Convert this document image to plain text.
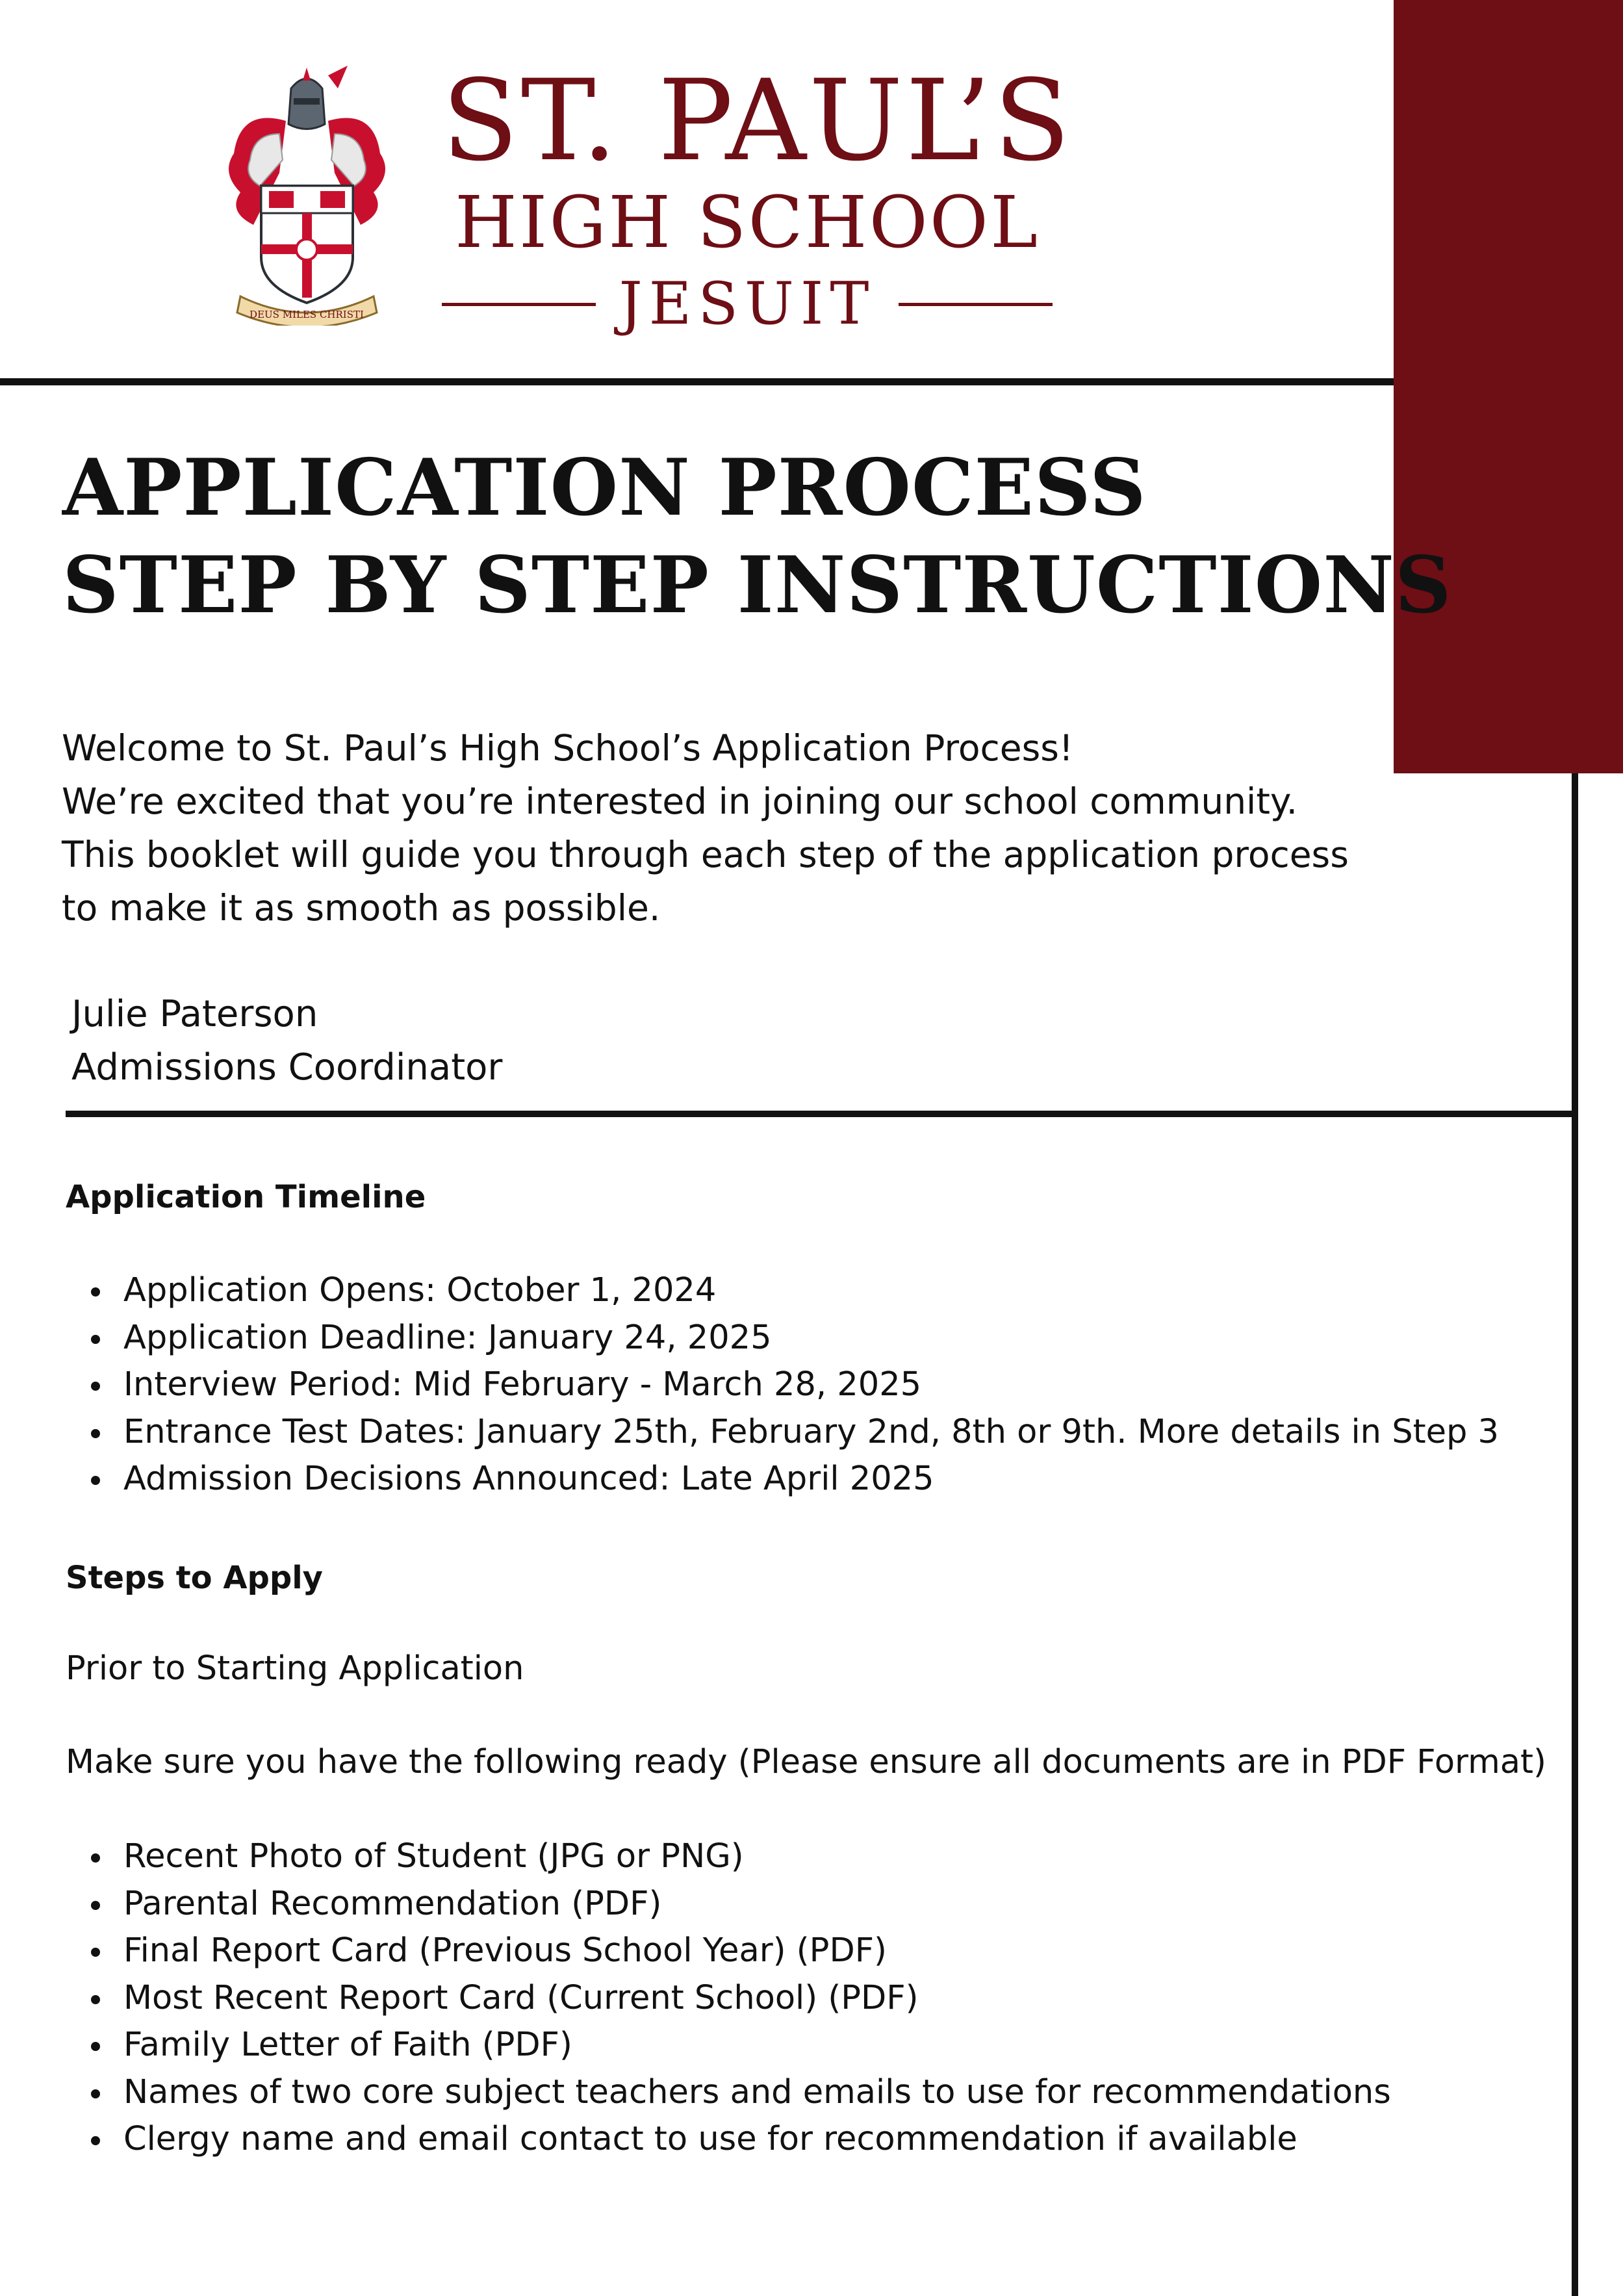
DEUS MILES CHRISTI
ST. PAUL’S
HIGH SCHOOL
JESUIT
APPLICATION PROCESS
STEP BY STEP INSTRUCTIONS
Welcome to St. Paul’s High School’s Application Process!
We’re excited that you’re interested in joining our school community.
This booklet will guide you through each step of the application process
to make it as smooth as possible.
Julie Paterson
Admissions Coordinator
Application Timeline
Application Opens: October 1, 2024
Application Deadline: January 24, 2025
Interview Period: Mid February - March 28, 2025
Entrance Test Dates: January 25th, February 2nd, 8th or 9th. More details in Step 3
Admission Decisions Announced: Late April 2025
Steps to Apply
Prior to Starting Application
Make sure you have the following ready (Please ensure all documents are in PDF Format)
Recent Photo of Student (JPG or PNG)
Parental Recommendation (PDF)
Final Report Card (Previous School Year) (PDF)
Most Recent Report Card (Current School) (PDF)
Family Letter of Faith (PDF)
Names of two core subject teachers and emails to use for recommendations
Clergy name and email contact to use for recommendation if available
